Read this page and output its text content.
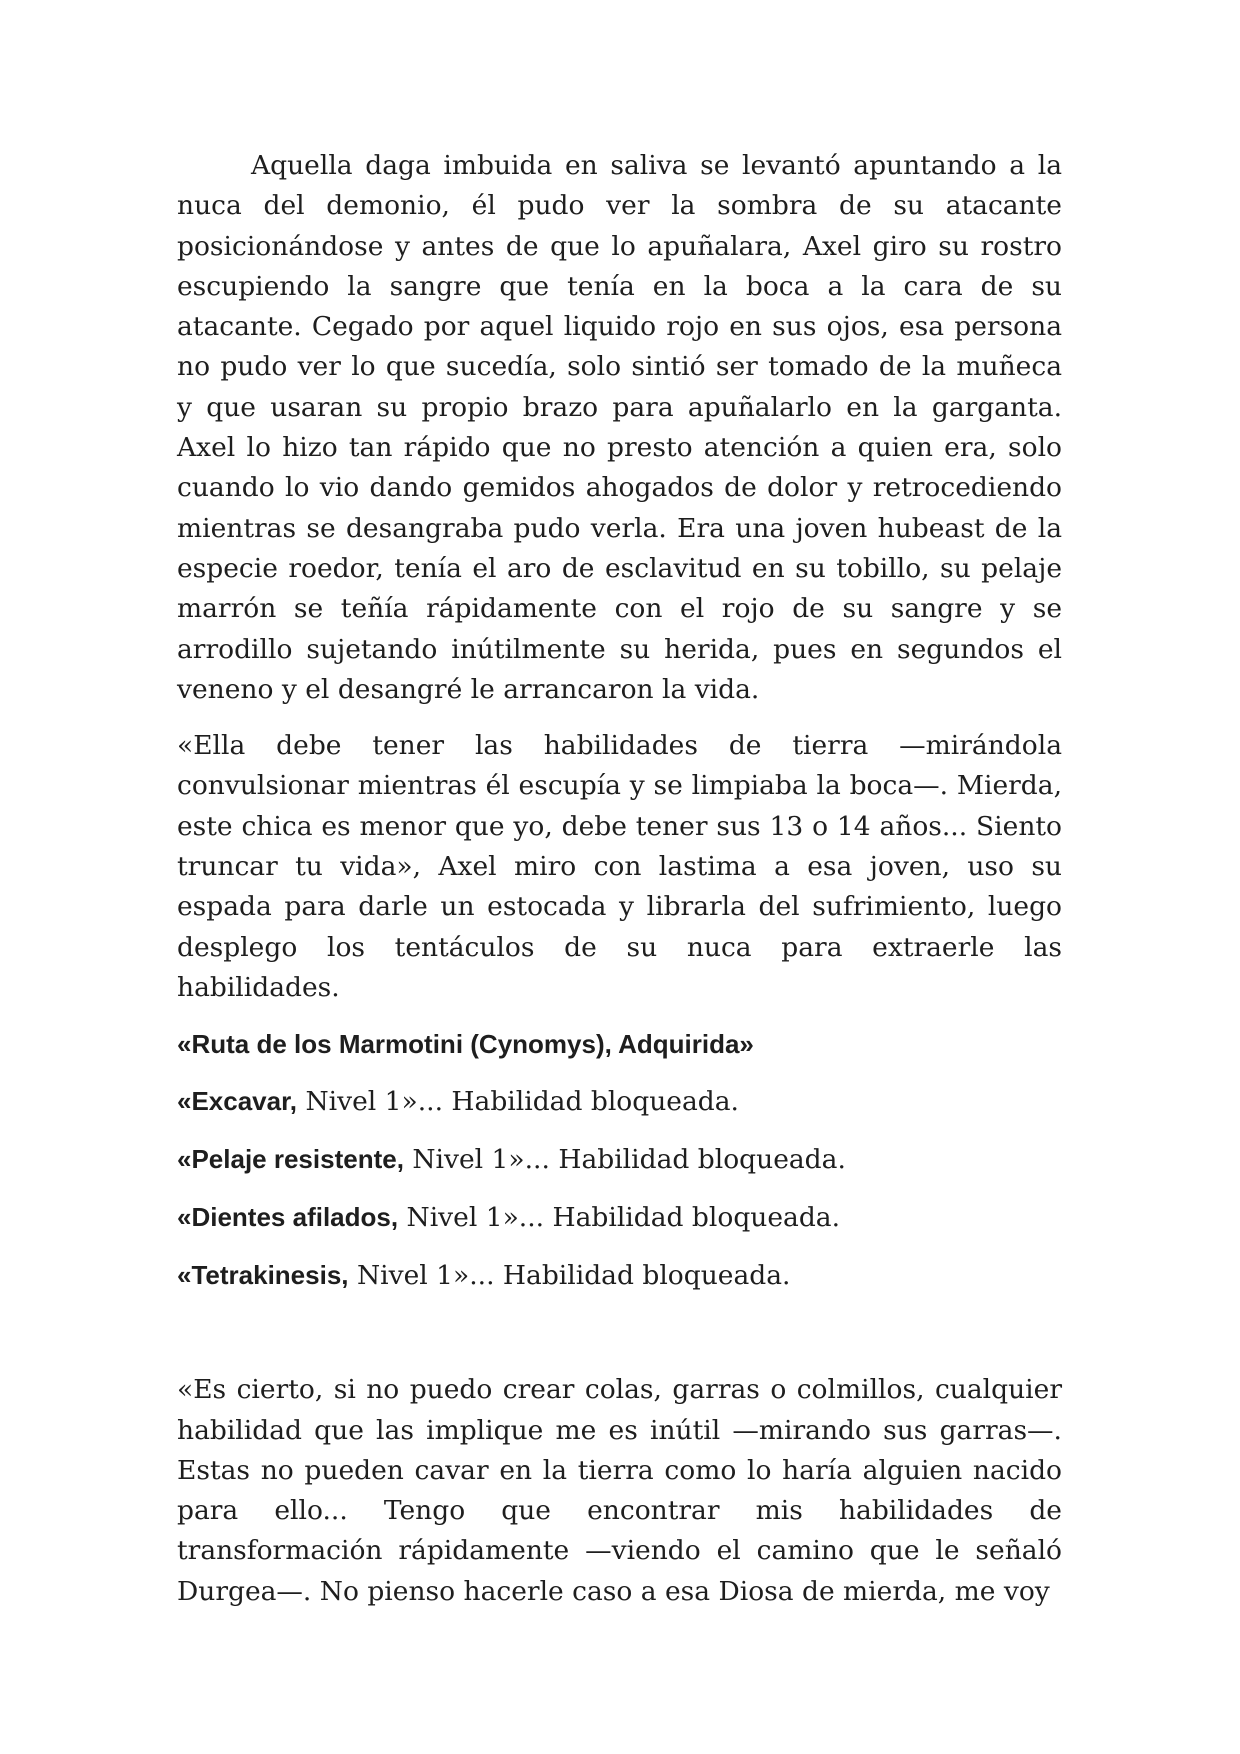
Aquella daga imbuida en saliva se levantó apuntando a la nuca del demonio, él pudo ver la sombra de su atacante posicionándose y antes de que lo apuñalara, Axel giro su rostro escupiendo la sangre que tenía en la boca a la cara de su atacante. Cegado por aquel liquido rojo en sus ojos, esa persona no pudo ver lo que sucedía, solo sintió ser tomado de la muñeca y que usaran su propio brazo para apuñalarlo en la garganta. Axel lo hizo tan rápido que no presto atención a quien era, solo cuando lo vio dando gemidos ahogados de dolor y retrocediendo mientras se desangraba pudo verla. Era una joven hubeast de la especie roedor, tenía el aro de esclavitud en su tobillo, su pelaje marrón se teñía rápidamente con el rojo de su sangre y se arrodillo sujetando inútilmente su herida, pues en segundos el veneno y el desangré le arrancaron la vida.

«Ella debe tener las habilidades de tierra —mirándola convulsionar mientras él escupía y se limpiaba la boca—. Mierda, este chica es menor que yo, debe tener sus 13 o 14 años... Siento truncar tu vida», Axel miro con lastima a esa joven, uso su espada para darle un estocada y librarla del sufrimiento, luego desplego los tentáculos de su nuca para extraerle las habilidades.

«Ruta de los Marmotini (Cynomys), Adquirida»

«Excavar, Nivel 1»... Habilidad bloqueada.

«Pelaje resistente, Nivel 1»... Habilidad bloqueada.

«Dientes afilados, Nivel 1»... Habilidad bloqueada.

«Tetrakinesis, Nivel 1»... Habilidad bloqueada.

«Es cierto, si no puedo crear colas, garras o colmillos, cualquier habilidad que las implique me es inútil —mirando sus garras—. Estas no pueden cavar en la tierra como lo haría alguien nacido para ello... Tengo que encontrar mis habilidades de transformación rápidamente —viendo el camino que le señaló Durgea—. No pienso hacerle caso a esa Diosa de mierda, me voy
